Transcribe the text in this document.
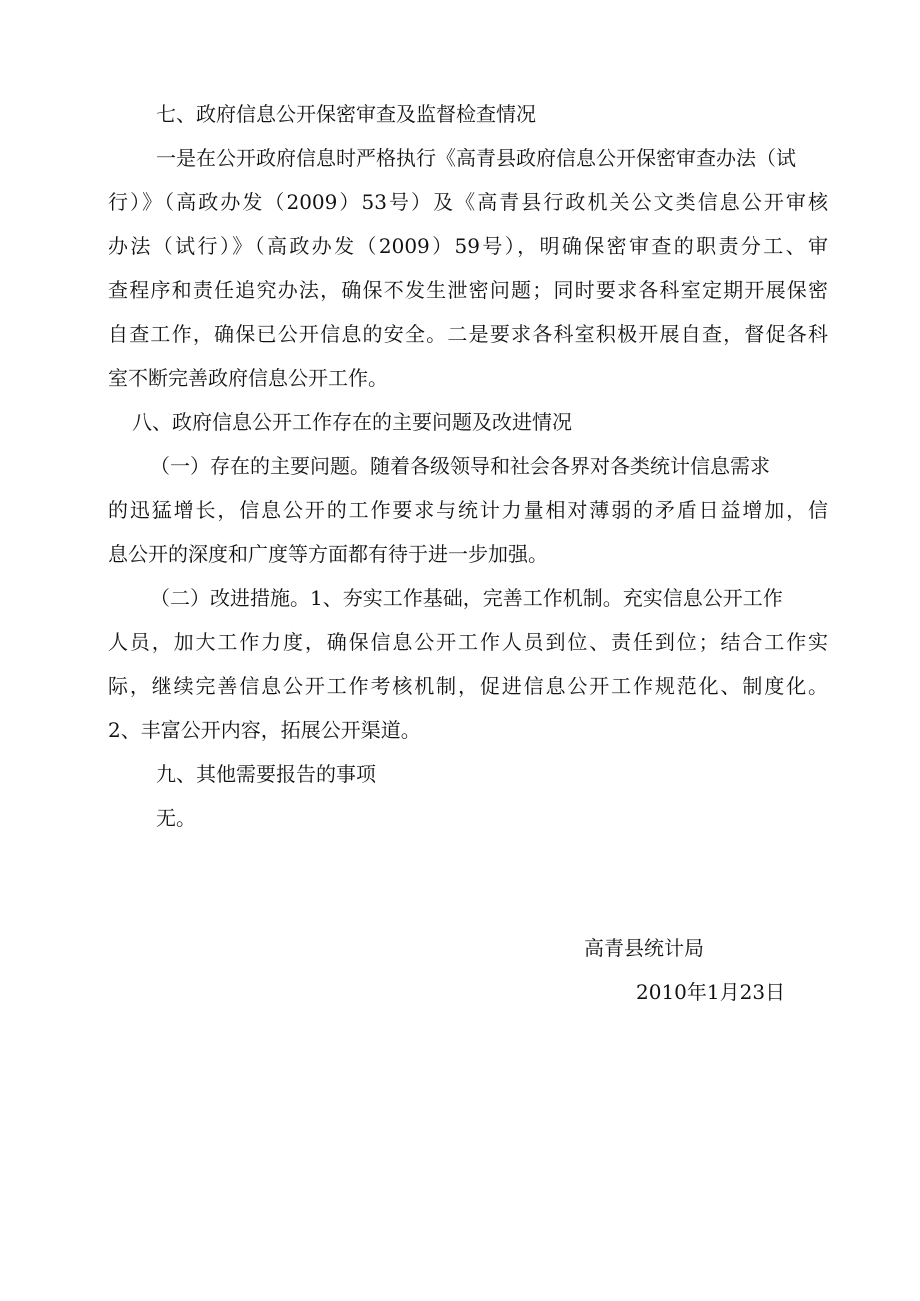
七、政府信息公开保密审查及监督检查情况
一是在公开政府信息时严格执行《高青县政府信息公开保密审查办法（试
行）》（高政办发（2009）53号）及《高青县行政机关公文类信息公开审核
办法（试行）》（高政办发（2009）59号），明确保密审查的职责分工、审
查程序和责任追究办法，确保不发生泄密问题；同时要求各科室定期开展保密
自查工作，确保已公开信息的安全。二是要求各科室积极开展自查，督促各科
室不断完善政府信息公开工作。
八、政府信息公开工作存在的主要问题及改进情况
（一）存在的主要问题。随着各级领导和社会各界对各类统计信息需求
的迅猛增长，信息公开的工作要求与统计力量相对薄弱的矛盾日益增加，信
息公开的深度和广度等方面都有待于进一步加强。
（二）改进措施。1、夯实工作基础，完善工作机制。充实信息公开工作
人员，加大工作力度，确保信息公开工作人员到位、责任到位；结合工作实
际，继续完善信息公开工作考核机制，促进信息公开工作规范化、制度化。
2、丰富公开内容，拓展公开渠道。
九、其他需要报告的事项
无。
高青县统计局
2010年1月23日
